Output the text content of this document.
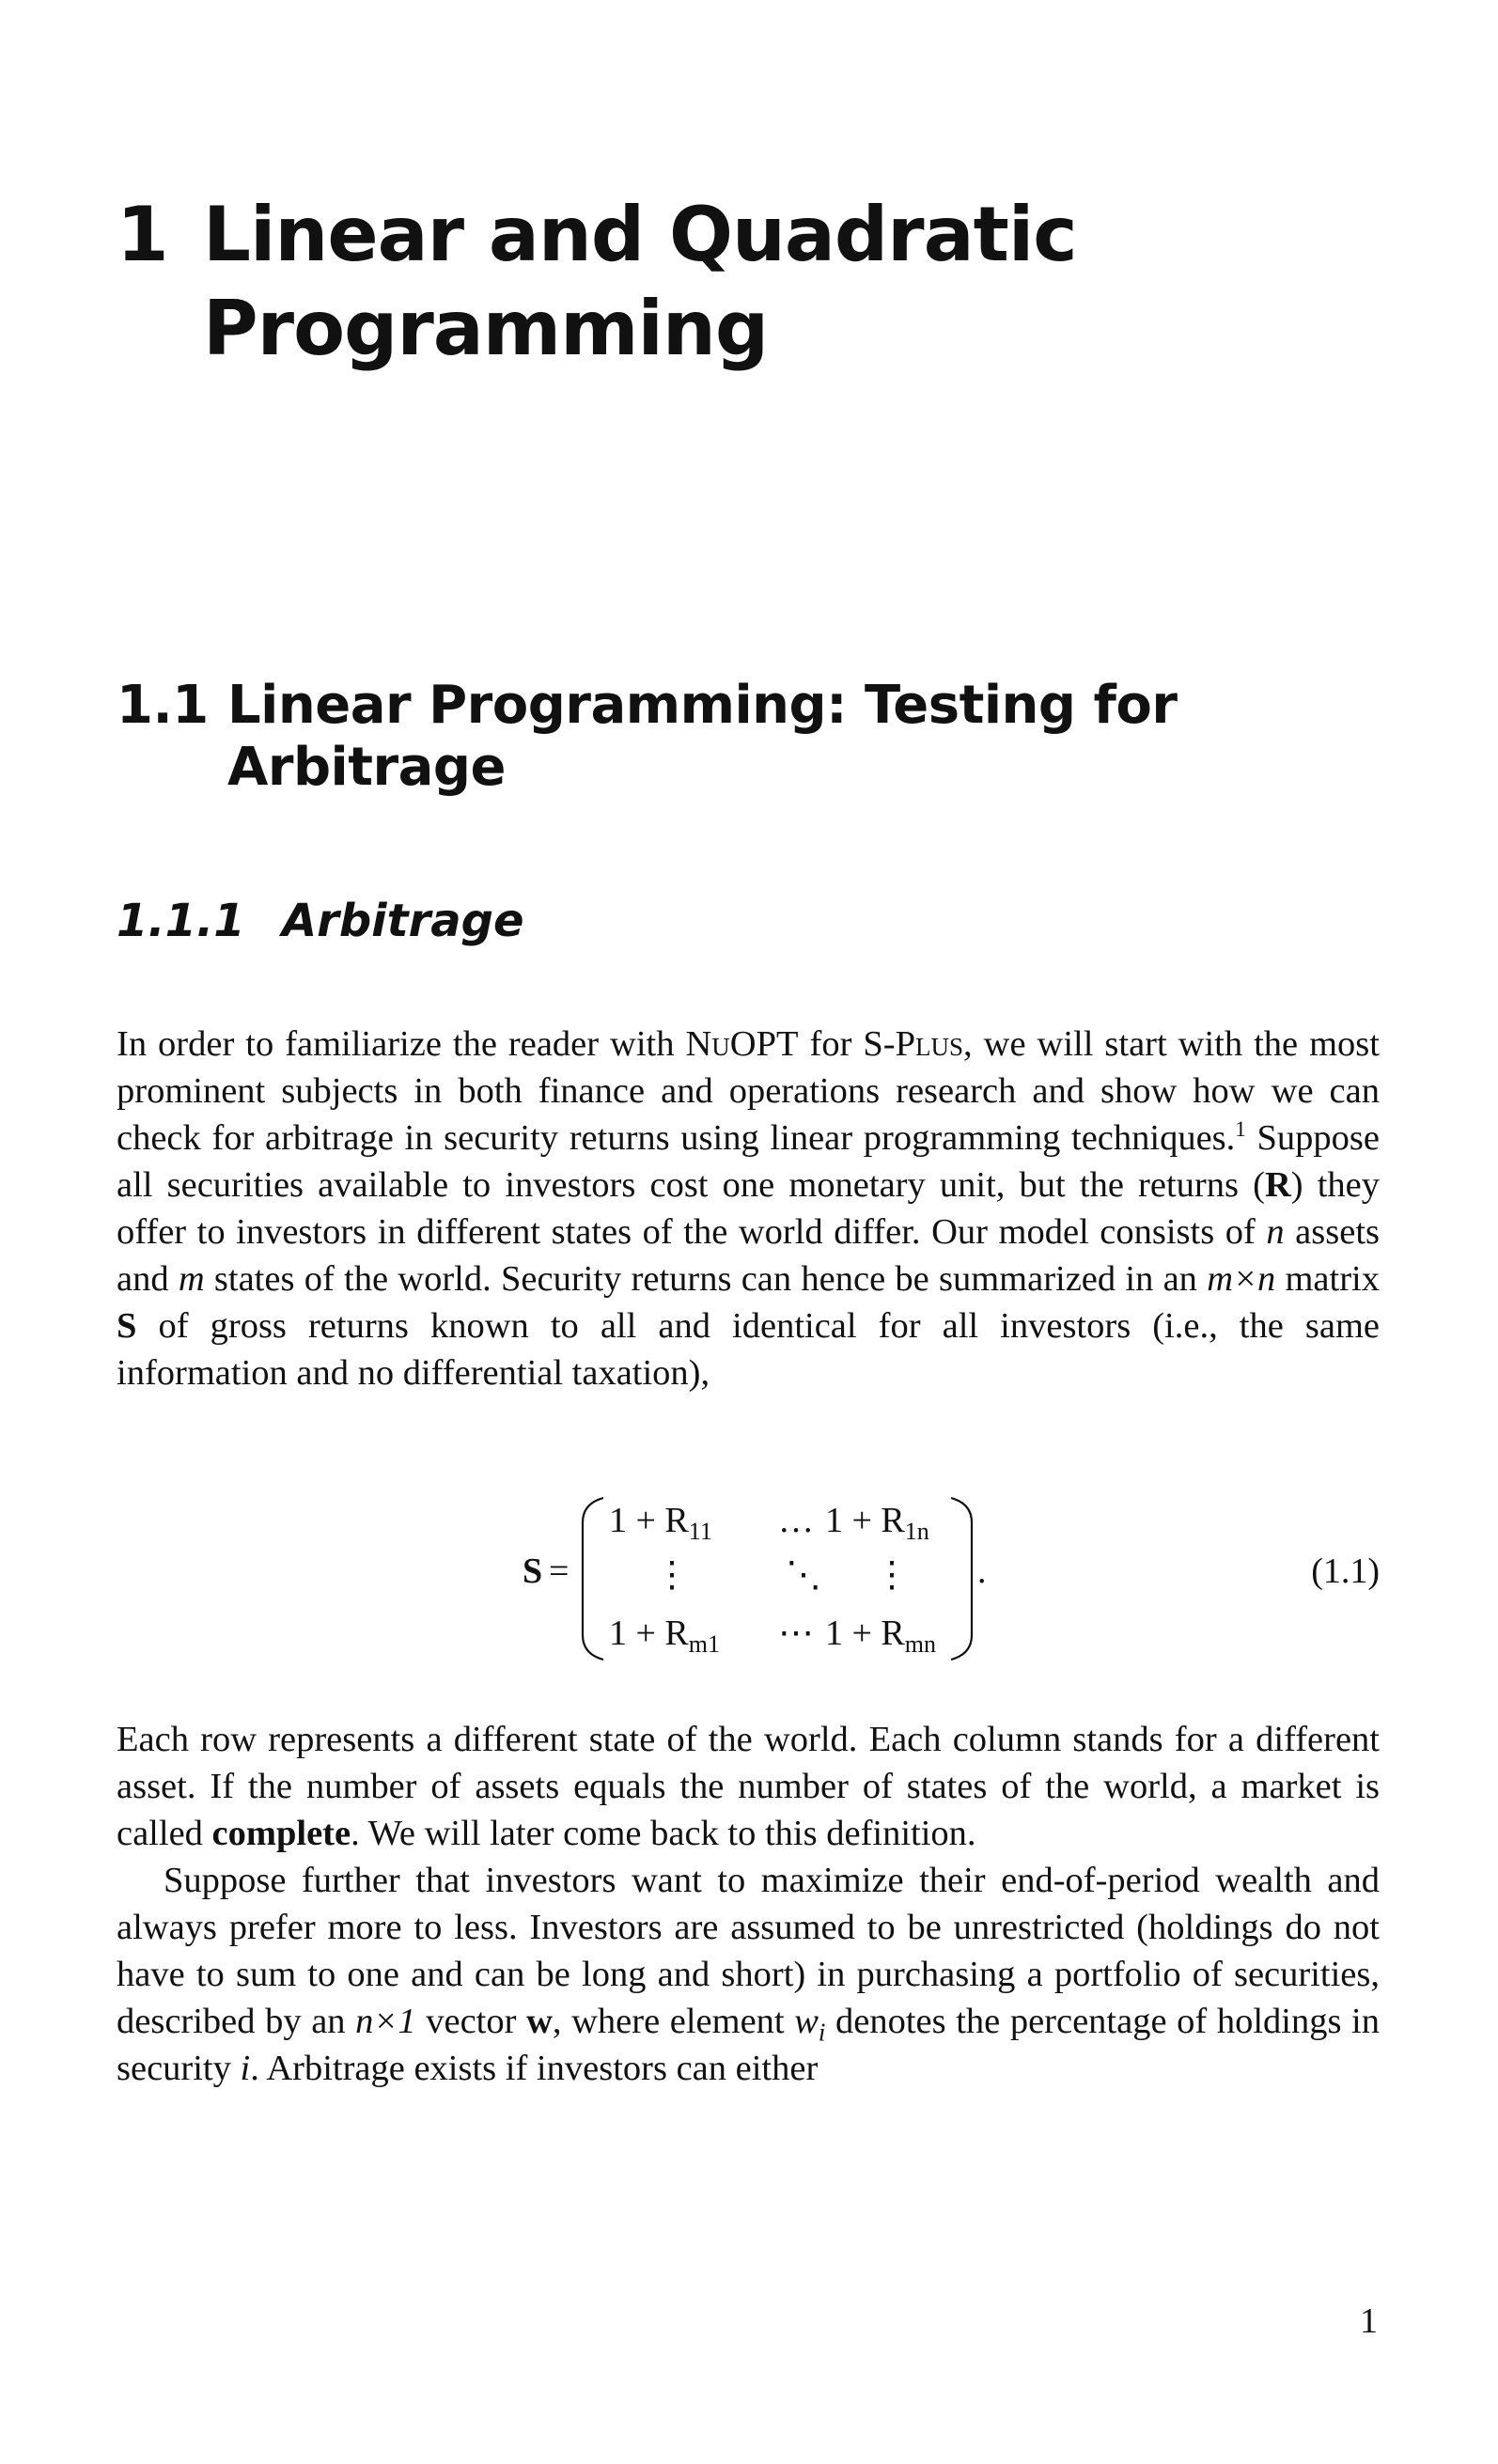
1 Linear and Quadratic Programming
1.1 Linear Programming: Testing for Arbitrage
1.1.1 Arbitrage

In order to familiarize the reader with NuOPT for S-Plus, we will start with the most prominent subjects in both finance and operations research and show how we can check for arbitrage in security returns using linear programming techniques.$^1$ Suppose all securities available to investors cost one monetary unit, but the returns (R) they offer to investors in different states of the world differ. Our model consists of n assets and m states of the world. Security returns can hence be summarized in an m×n matrix S of gross returns known to all and identical for all investors (i.e., the same information and no differential taxation),

S =
$1 + R_{11}$ … $1 + R_{1n}$
⋮	⋱ ⋮
$1 + R_{m1}$ ⋯ $1 + R_{mn}$
.	(1.1)

Each row represents a different state of the world. Each column stands for a different asset. If the number of assets equals the number of states of the world, a market is called complete. We will later come back to this definition.

Suppose further that investors want to maximize their end-of-period wealth and always prefer more to less. Investors are assumed to be unrestricted (holdings do not have to sum to one and can be long and short) in purchasing a portfolio of securities, described by an n×1 vector w, where element $w_i$ denotes the percentage of holdings in security i. Arbitrage exists if investors can either

1
